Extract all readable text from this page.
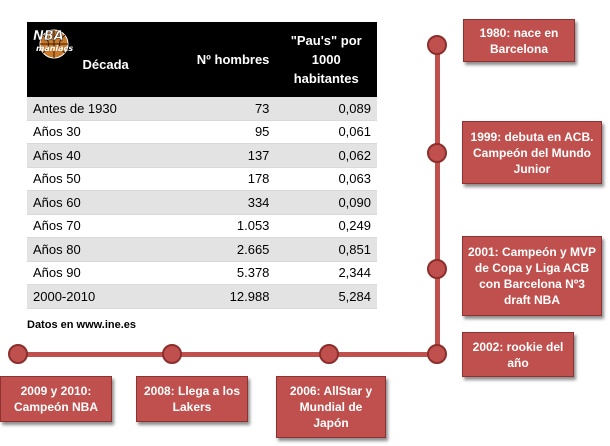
NBA
maniacs
Década	Nº hombres	"Pau's" por 1000 habitantes
Antes de 1930	73	0,089
Años 30	95	0,061
Años 40	137	0,062
Años 50	178	0,063
Años 60	334	0,090
Años 70	1.053	0,249
Años 80	2.665	0,851
Años 90	5.378	2,344
2000-2010	12.988	5,284
Datos en www.ine.es
1980: nace en Barcelona
1999: debuta en ACB. Campeón del Mundo Junior
2001: Campeón y MVP de Copa y Liga ACB con Barcelona Nº3 draft NBA
2002: rookie del año
2006: AllStar y Mundial de Japón
2008: Llega a los Lakers
2009 y 2010: Campeón NBA
